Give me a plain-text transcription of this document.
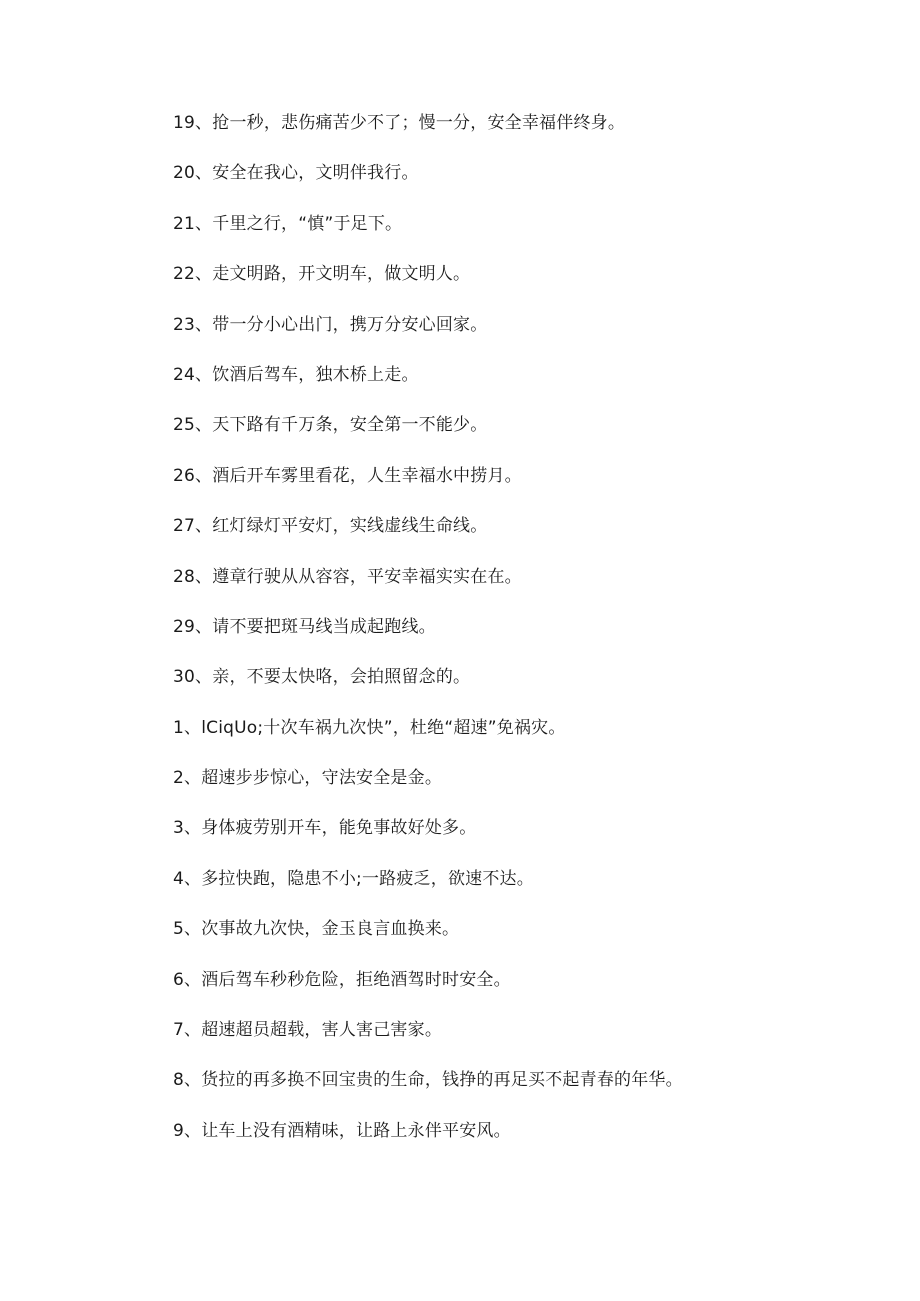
19、抢一秒，悲伤痛苦少不了；慢一分，安全幸福伴终身。
20、安全在我心，文明伴我行。
21、千里之行，“慎”于足下。
22、走文明路，开文明车，做文明人。
23、带一分小心出门，携万分安心回家。
24、饮酒后驾车，独木桥上走。
25、天下路有千万条，安全第一不能少。
26、酒后开车雾里看花，人生幸福水中捞月。
27、红灯绿灯平安灯，实线虚线生命线。
28、遵章行驶从从容容，平安幸福实实在在。
29、请不要把斑马线当成起跑线。
30、亲，不要太快咯，会拍照留念的。
1、lCiqUo;十次车祸九次快”，杜绝“超速”免祸灾。
2、超速步步惊心，守法安全是金。
3、身体疲劳别开车，能免事故好处多。
4、多拉快跑，隐患不小;一路疲乏，欲速不达。
5、次事故九次快，金玉良言血换来。
6、酒后驾车秒秒危险，拒绝酒驾时时安全。
7、超速超员超载，害人害己害家。
8、货拉的再多换不回宝贵的生命，钱挣的再足买不起青春的年华。
9、让车上没有酒精味，让路上永伴平安风。
